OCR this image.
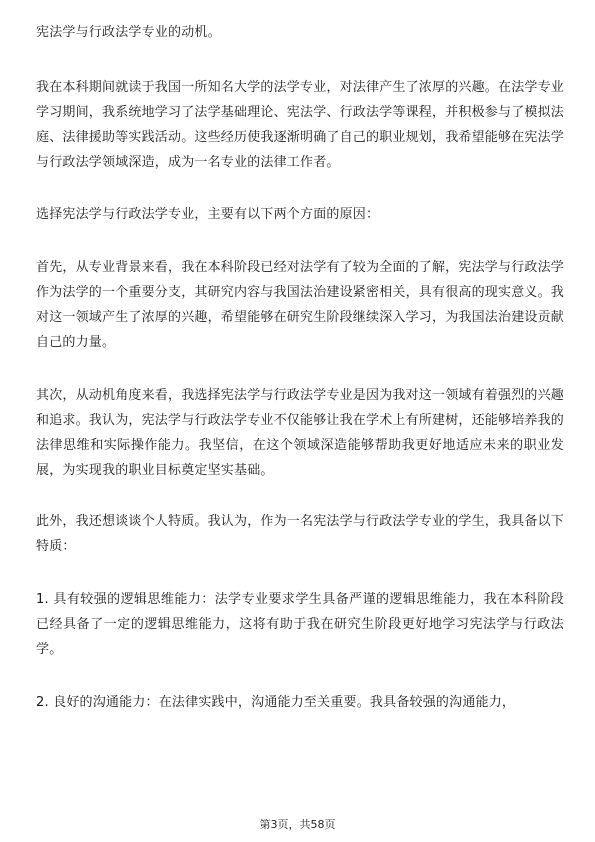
宪法学与行政法学专业的动机。

我在本科期间就读于我国一所知名大学的法学专业，对法律产生了浓厚的兴趣。在法学专业学习期间，我系统地学习了法学基础理论、宪法学、行政法学等课程，并积极参与了模拟法庭、法律援助等实践活动。这些经历使我逐渐明确了自己的职业规划，我希望能够在宪法学与行政法学领域深造，成为一名专业的法律工作者。

选择宪法学与行政法学专业，主要有以下两个方面的原因：

首先，从专业背景来看，我在本科阶段已经对法学有了较为全面的了解，宪法学与行政法学作为法学的一个重要分支，其研究内容与我国法治建设紧密相关，具有很高的现实意义。我对这一领域产生了浓厚的兴趣，希望能够在研究生阶段继续深入学习，为我国法治建设贡献自己的力量。

其次，从动机角度来看，我选择宪法学与行政法学专业是因为我对这一领域有着强烈的兴趣和追求。我认为，宪法学与行政法学专业不仅能够让我在学术上有所建树，还能够培养我的法律思维和实际操作能力。我坚信，在这个领域深造能够帮助我更好地适应未来的职业发展，为实现我的职业目标奠定坚实基础。

此外，我还想谈谈个人特质。我认为，作为一名宪法学与行政法学专业的学生，我具备以下特质：

1. 具有较强的逻辑思维能力：法学专业要求学生具备严谨的逻辑思维能力，我在本科阶段已经具备了一定的逻辑思维能力，这将有助于我在研究生阶段更好地学习宪法学与行政法学。

2. 良好的沟通能力：在法律实践中，沟通能力至关重要。我具备较强的沟通能力，

第3页，共58页
